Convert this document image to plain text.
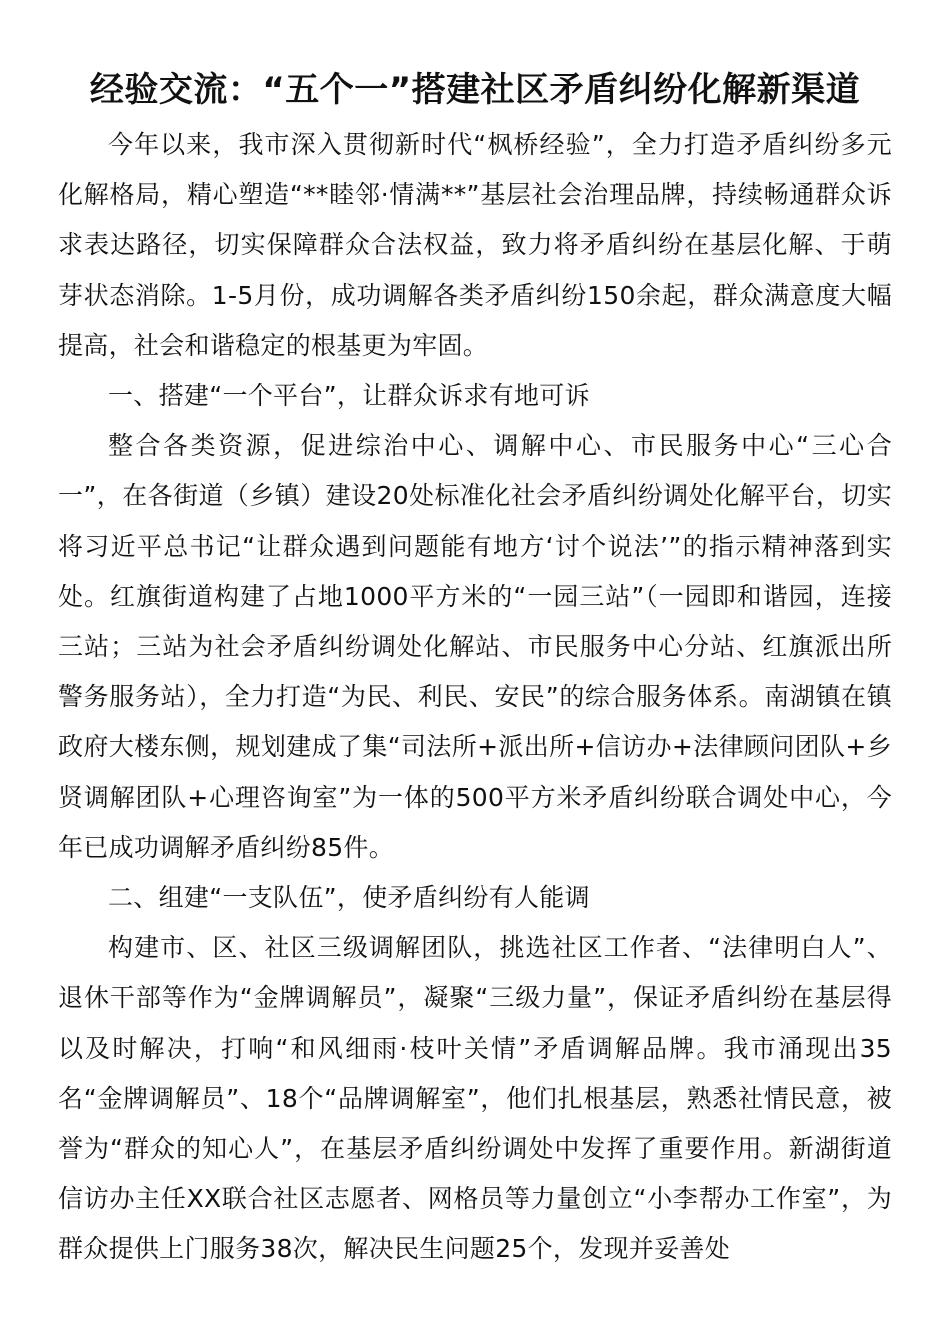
经验交流：“五个一”搭建社区矛盾纠纷化解新渠道

今年以来，我市深入贯彻新时代“枫桥经验”，全力打造矛盾纠纷多元化解格局，精心塑造“**睦邻·情满**”基层社会治理品牌，持续畅通群众诉求表达路径，切实保障群众合法权益，致力将矛盾纠纷在基层化解、于萌芽状态消除。1-5月份，成功调解各类矛盾纠纷150余起，群众满意度大幅提高，社会和谐稳定的根基更为牢固。

一、搭建“一个平台”，让群众诉求有地可诉

整合各类资源，促进综治中心、调解中心、市民服务中心“三心合一”，在各街道（乡镇）建设20处标准化社会矛盾纠纷调处化解平台，切实将习近平总书记“让群众遇到问题能有地方‘讨个说法’”的指示精神落到实处。红旗街道构建了占地1000平方米的“一园三站”（一园即和谐园，连接三站；三站为社会矛盾纠纷调处化解站、市民服务中心分站、红旗派出所警务服务站），全力打造“为民、利民、安民”的综合服务体系。南湖镇在镇政府大楼东侧，规划建成了集“司法所+派出所+信访办+法律顾问团队+乡贤调解团队+心理咨询室”为一体的500平方米矛盾纠纷联合调处中心，今年已成功调解矛盾纠纷85件。

二、组建“一支队伍”，使矛盾纠纷有人能调

构建市、区、社区三级调解团队，挑选社区工作者、“法律明白人”、退休干部等作为“金牌调解员”，凝聚“三级力量”，保证矛盾纠纷在基层得以及时解决，打响“和风细雨·枝叶关情”矛盾调解品牌。我市涌现出35名“金牌调解员”、18个“品牌调解室”，他们扎根基层，熟悉社情民意，被誉为“群众的知心人”，在基层矛盾纠纷调处中发挥了重要作用。新湖街道信访办主任XX联合社区志愿者、网格员等力量创立“小李帮办工作室”，为群众提供上门服务38次，解决民生问题25个，发现并妥善处
